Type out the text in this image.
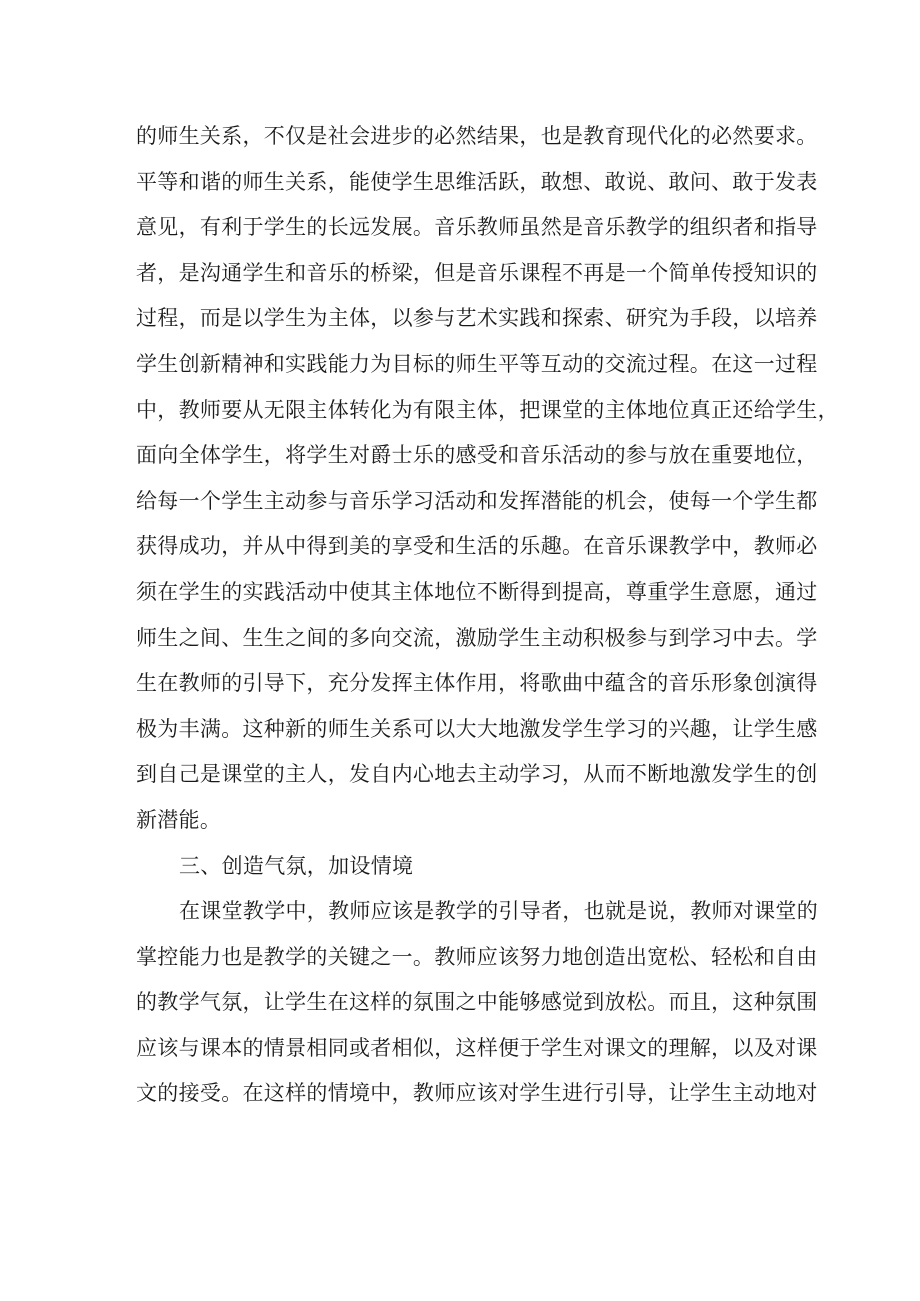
的师生关系，不仅是社会进步的必然结果，也是教育现代化的必然要求。
平等和谐的师生关系，能使学生思维活跃，敢想、敢说、敢问、敢于发表
意见，有利于学生的长远发展。音乐教师虽然是音乐教学的组织者和指导
者，是沟通学生和音乐的桥梁，但是音乐课程不再是一个简单传授知识的
过程，而是以学生为主体，以参与艺术实践和探索、研究为手段，以培养
学生创新精神和实践能力为目标的师生平等互动的交流过程。在这一过程
中，教师要从无限主体转化为有限主体，把课堂的主体地位真正还给学生，
面向全体学生，将学生对爵士乐的感受和音乐活动的参与放在重要地位，
给每一个学生主动参与音乐学习活动和发挥潜能的机会，使每一个学生都
获得成功，并从中得到美的享受和生活的乐趣。在音乐课教学中，教师必
须在学生的实践活动中使其主体地位不断得到提高，尊重学生意愿，通过
师生之间、生生之间的多向交流，激励学生主动积极参与到学习中去。学
生在教师的引导下，充分发挥主体作用，将歌曲中蕴含的音乐形象创演得
极为丰满。这种新的师生关系可以大大地激发学生学习的兴趣，让学生感
到自己是课堂的主人，发自内心地去主动学习，从而不断地激发学生的创
新潜能。
三、创造气氛，加设情境
在课堂教学中，教师应该是教学的引导者，也就是说，教师对课堂的
掌控能力也是教学的关键之一。教师应该努力地创造出宽松、轻松和自由
的教学气氛，让学生在这样的氛围之中能够感觉到放松。而且，这种氛围
应该与课本的情景相同或者相似，这样便于学生对课文的理解，以及对课
文的接受。在这样的情境中，教师应该对学生进行引导，让学生主动地对
